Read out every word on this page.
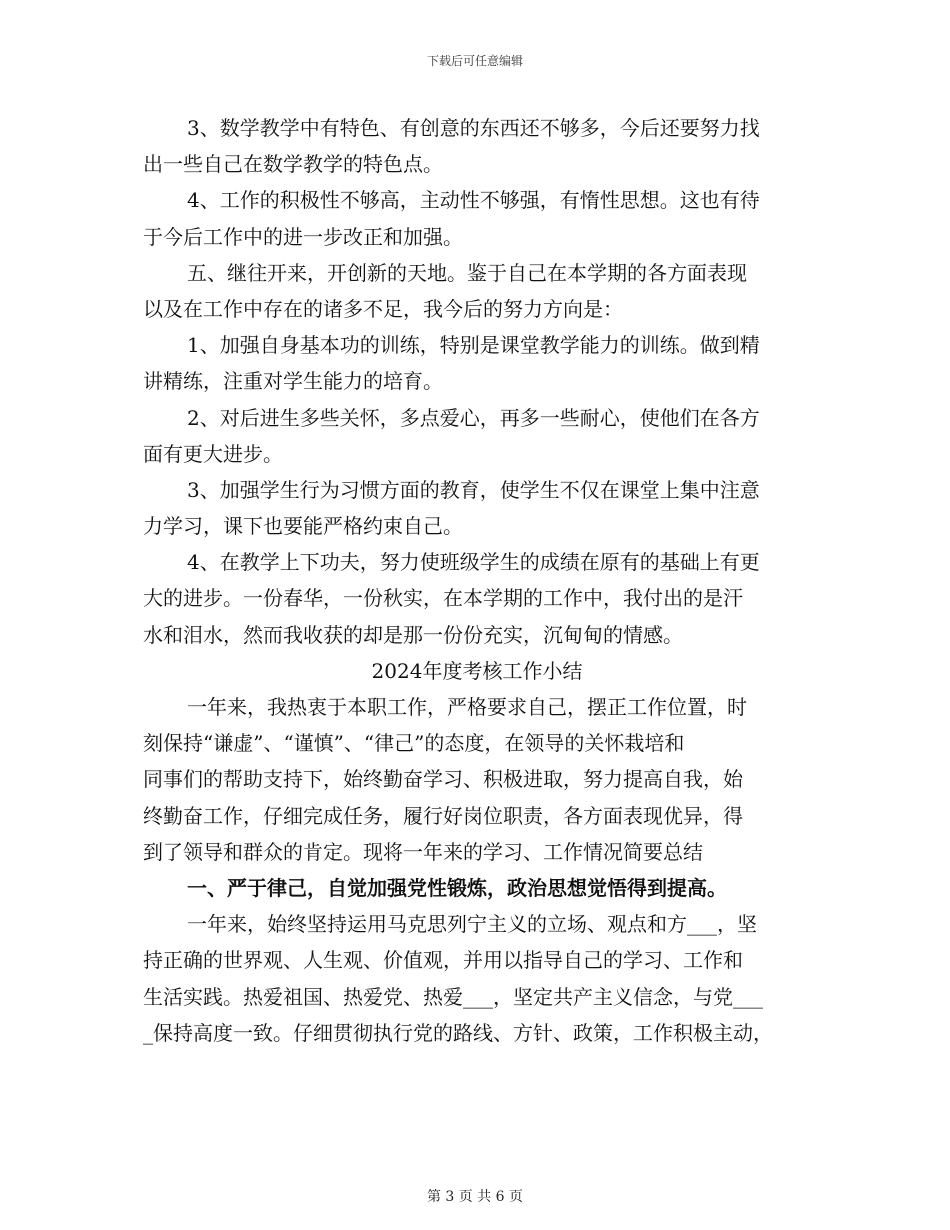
下载后可任意编辑
3、数学教学中有特色、有创意的东西还不够多，今后还要努力找
出一些自己在数学教学的特色点。
4、工作的积极性不够高，主动性不够强，有惰性思想。这也有待
于今后工作中的进一步改正和加强。
五、继往开来，开创新的天地。鉴于自己在本学期的各方面表现
以及在工作中存在的诸多不足，我今后的努力方向是：
1、加强自身基本功的训练，特别是课堂教学能力的训练。做到精
讲精练，注重对学生能力的培育。
2、对后进生多些关怀，多点爱心，再多一些耐心，使他们在各方
面有更大进步。
3、加强学生行为习惯方面的教育，使学生不仅在课堂上集中注意
力学习，课下也要能严格约束自己。
4、在教学上下功夫，努力使班级学生的成绩在原有的基础上有更
大的进步。一份春华，一份秋实，在本学期的工作中，我付出的是汗
水和泪水，然而我收获的却是那一份份充实，沉甸甸的情感。
2024年度考核工作小结
一年来，我热衷于本职工作，严格要求自己，摆正工作位置，时
刻保持“谦虚”、“谨慎”、“律己”的态度，在领导的关怀栽培和
同事们的帮助支持下，始终勤奋学习、积极进取，努力提高自我，始
终勤奋工作，仔细完成任务，履行好岗位职责，各方面表现优异，得
到了领导和群众的肯定。现将一年来的学习、工作情况简要总结
一、严于律己，自觉加强党性锻炼，政治思想觉悟得到提高。
一年来，始终坚持运用马克思列宁主义的立场、观点和方___，坚
持正确的世界观、人生观、价值观，并用以指导自己的学习、工作和
生活实践。热爱祖国、热爱党、热爱___，坚定共产主义信念，与党___
_保持高度一致。仔细贯彻执行党的路线、方针、政策，工作积极主动，
第 3 页 共 6 页
